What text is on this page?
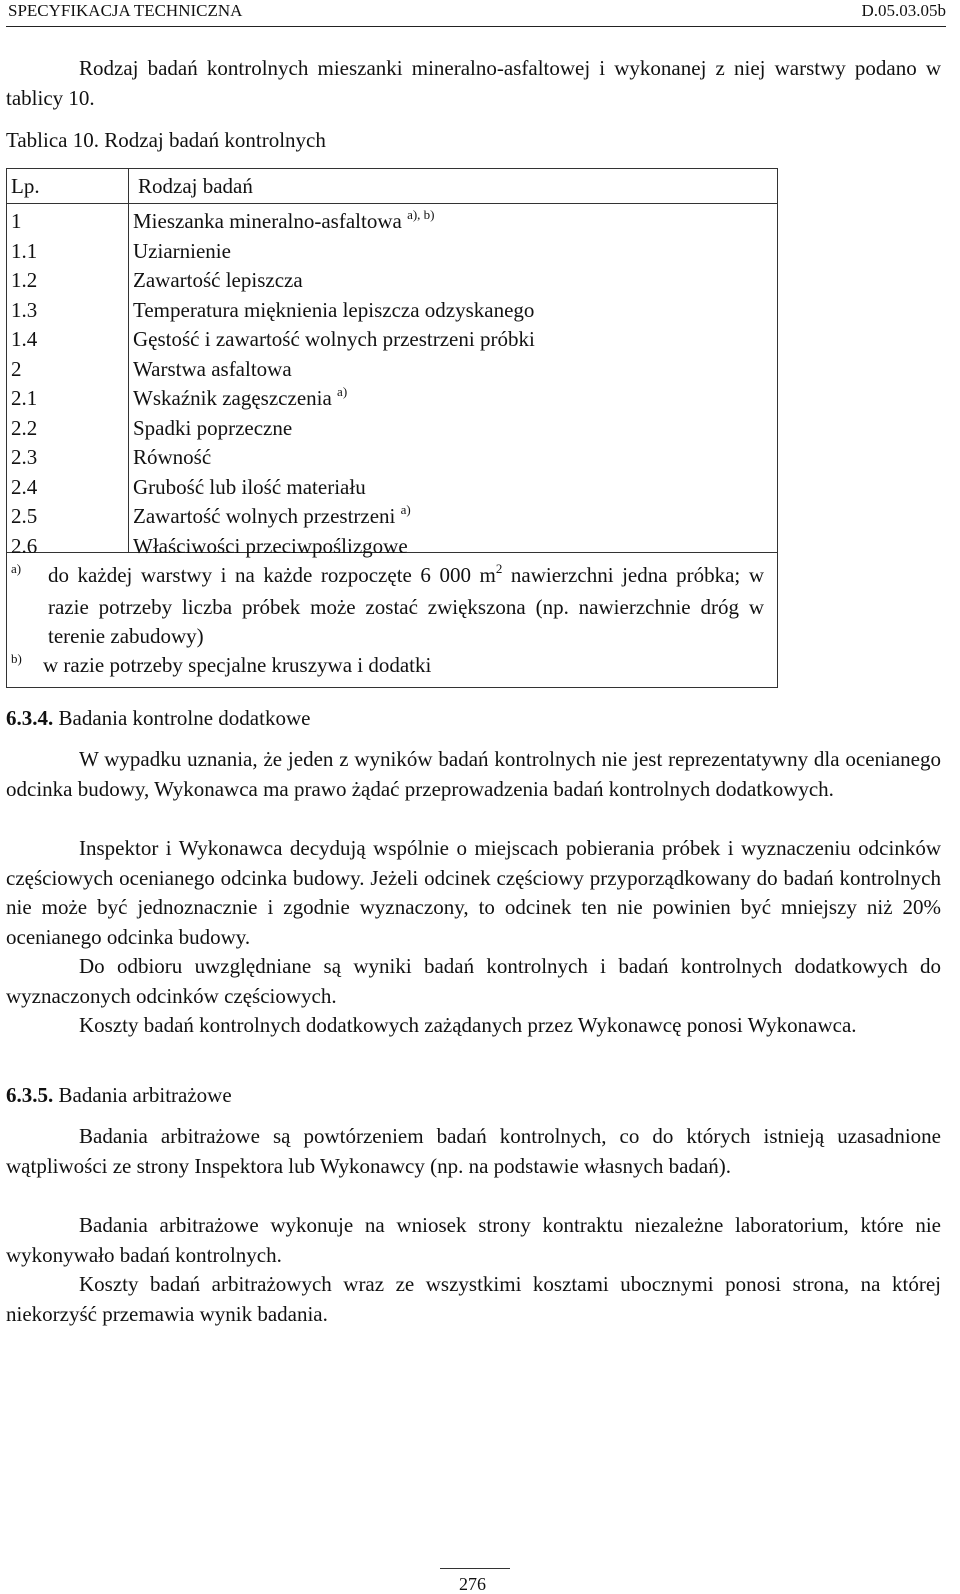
SPECYFIKACJA TECHNICZNA	D.05.03.05b

Rodzaj badań kontrolnych mieszanki mineralno-asfaltowej i wykonanej z niej warstwy podano w tablicy 10.

Tablica 10. Rodzaj badań kontrolnych
Lp.	Rodzaj badań
1	Mieszanka mineralno-asfaltowa $^{a), b)}$
1.1	Uziarnienie
1.2	Zawartość lepiszcza
1.3	Temperatura mięknienia lepiszcza odzyskanego
1.4	Gęstość i zawartość wolnych przestrzeni próbki
2	Warstwa asfaltowa
2.1	Wskaźnik zagęszczenia $^{a)}$
2.2	Spadki poprzeczne
2.3	Równość
2.4	Grubość lub ilość materiału
2.5	Zawartość wolnych przestrzeni $^{a)}$
2.6	Właściwości przeciwpoślizgowe
a) do każdej warstwy i na każde rozpoczęte 6 000 $m^2$ nawierzchni jedna próbka; w razie potrzeby liczba próbek może zostać zwiększona (np. nawierzchnie dróg w terenie zabudowy)
b) w razie potrzeby specjalne kruszywa i dodatki
6.3.4. Badania kontrolne dodatkowe

W wypadku uznania, że jeden z wyników badań kontrolnych nie jest reprezentatywny dla ocenianego odcinka budowy, Wykonawca ma prawo żądać przeprowadzenia badań kontrolnych dodatkowych.

Inspektor i Wykonawca decydują wspólnie o miejscach pobierania próbek i wyznaczeniu odcinków częściowych ocenianego odcinka budowy. Jeżeli odcinek częściowy przyporządkowany do badań kontrolnych nie może być jednoznacznie i zgodnie wyznaczony, to odcinek ten nie powinien być mniejszy niż 20% ocenianego odcinka budowy.

Do odbioru uwzględniane są wyniki badań kontrolnych i badań kontrolnych dodatkowych do wyznaczonych odcinków częściowych.

Koszty badań kontrolnych dodatkowych zażądanych przez Wykonawcę ponosi Wykonawca.

6.3.5. Badania arbitrażowe

Badania arbitrażowe są powtórzeniem badań kontrolnych, co do których istnieją uzasadnione wątpliwości ze strony Inspektora lub Wykonawcy (np. na podstawie własnych badań).

Badania arbitrażowe wykonuje na wniosek strony kontraktu niezależne laboratorium, które nie wykonywało badań kontrolnych.

Koszty badań arbitrażowych wraz ze wszystkimi kosztami ubocznymi ponosi strona, na której niekorzyść przemawia wynik badania.

276
